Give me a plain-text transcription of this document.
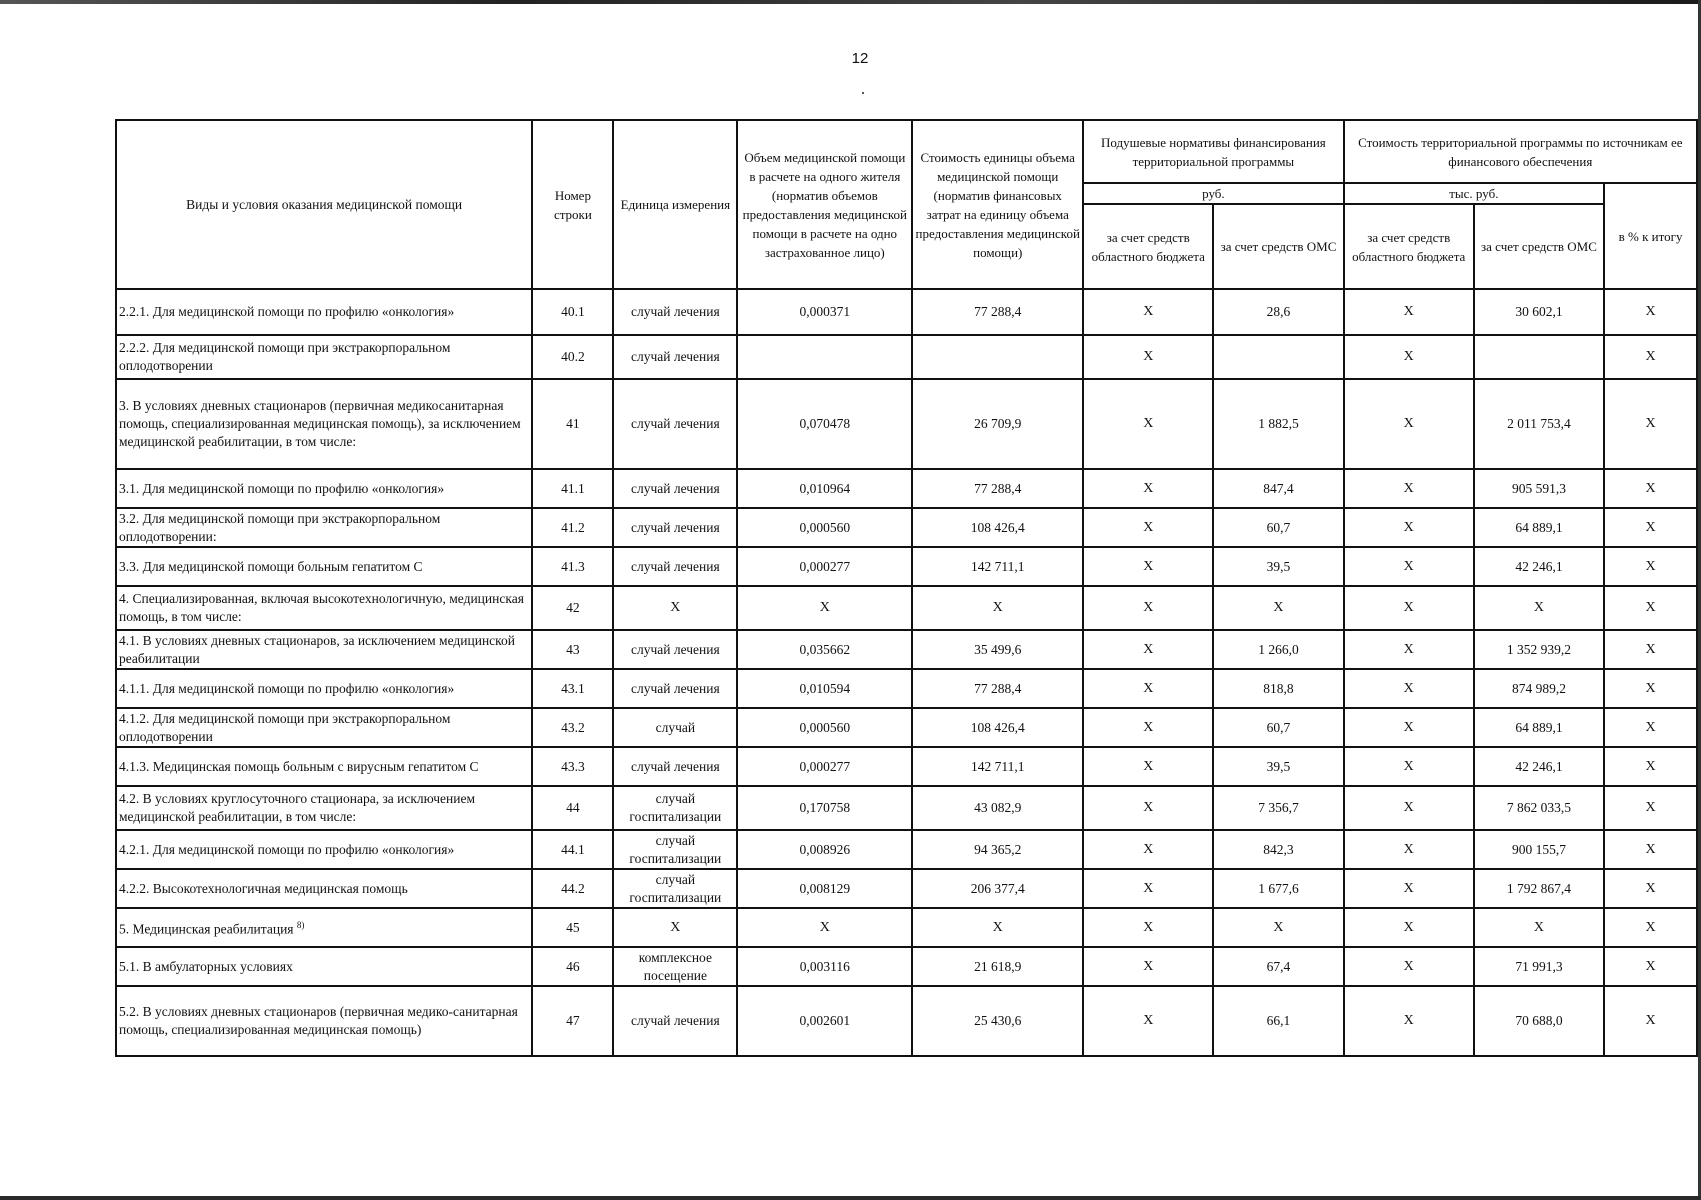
12
Виды и условия оказания медицинской помощи	Номер строки	Единица измерения	Объем медицинской помощи в расчете на одного жителя (норматив объемов предоставления медицинской помощи в расчете на одно застрахованное лицо)	Стоимость единицы объема медицинской помощи (норматив финансовых затрат на единицу объема предоставления медицинской помощи)	Подушевые нормативы финансирования территориальной программы		Стоимость территориальной программы по источникам ее финансового обеспечения		
					руб.		тыс. руб.		в % к итогу
					за счет средств областного бюджета	за счет средств ОМС	за счет средств областного бюджета	за счет средств ОМС	
2.2.1. Для медицинской помощи по профилю «онкология»	40.1	случай лечения	0,000371	77 288,4	Х	28,6	Х	30 602,1	Х
2.2.2. Для медицинской помощи при экстракорпоральном оплодотворении	40.2	случай лечения			Х		Х		Х
3. В условиях дневных стационаров (первичная медикосанитарная помощь, специализированная медицинская помощь), за исключением медицинской реабилитации, в том числе:	41	случай лечения	0,070478	26 709,9	Х	1 882,5	Х	2 011 753,4	Х
3.1. Для медицинской помощи по профилю «онкология»	41.1	случай лечения	0,010964	77 288,4	Х	847,4	Х	905 591,3	Х
3.2. Для медицинской помощи при экстракорпоральном оплодотворении:	41.2	случай лечения	0,000560	108 426,4	Х	60,7	Х	64 889,1	Х
3.3. Для медицинской помощи больным гепатитом С	41.3	случай лечения	0,000277	142 711,1	Х	39,5	Х	42 246,1	Х
4. Специализированная, включая высокотехнологичную, медицинская помощь, в том числе:	42	Х	Х	Х	Х	Х	Х	Х	Х
4.1. В условиях дневных стационаров, за исключением медицинской реабилитации	43	случай лечения	0,035662	35 499,6	Х	1 266,0	Х	1 352 939,2	Х
4.1.1. Для медицинской помощи по профилю «онкология»	43.1	случай лечения	0,010594	77 288,4	Х	818,8	Х	874 989,2	Х
4.1.2. Для медицинской помощи при экстракорпоральном оплодотворении	43.2	случай	0,000560	108 426,4	Х	60,7	Х	64 889,1	Х
4.1.3. Медицинская помощь больным с вирусным гепатитом С	43.3	случай лечения	0,000277	142 711,1	Х	39,5	Х	42 246,1	Х
4.2. В условиях круглосуточного стационара, за исключением медицинской реабилитации, в том числе:	44	случай госпитализации	0,170758	43 082,9	Х	7 356,7	Х	7 862 033,5	Х
4.2.1. Для медицинской помощи по профилю «онкология»	44.1	случай госпитализации	0,008926	94 365,2	Х	842,3	Х	900 155,7	Х
4.2.2. Высокотехнологичная медицинская помощь	44.2	случай госпитализации	0,008129	206 377,4	Х	1 677,6	Х	1 792 867,4	Х
5. Медицинская реабилитация $^{8)}$	45	Х	Х	Х	Х	Х	Х	Х	Х
5.1. В амбулаторных условиях	46	комплексное посещение	0,003116	21 618,9	Х	67,4	Х	71 991,3	Х
5.2. В условиях дневных стационаров (первичная медико-санитарная помощь, специализированная медицинская помощь)	47	случай лечения	0,002601	25 430,6	Х	66,1	Х	70 688,0	Х
